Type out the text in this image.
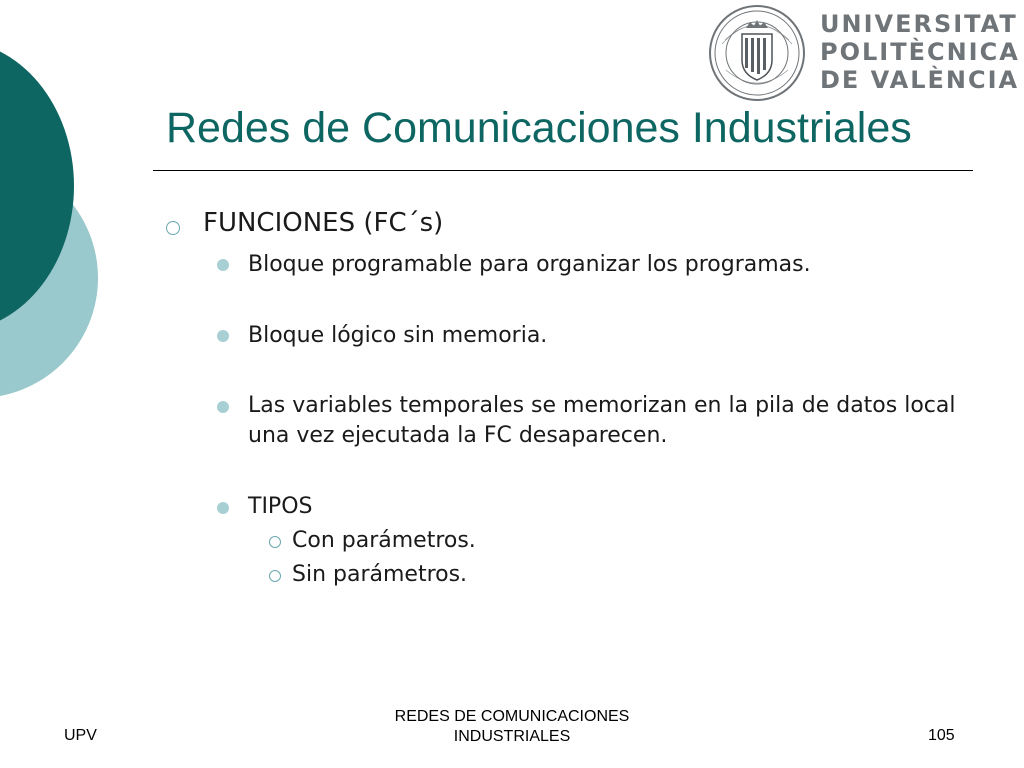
UNIVERSITAT
POLITÈCNICA
DE VALÈNCIA
Redes de Comunicaciones Industriales
FUNCIONES (FC´s)
Bloque programable para organizar los programas.
Bloque lógico sin memoria.
Las variables temporales se memorizan en la pila de datos local una vez ejecutada la FC desaparecen.
TIPOS
Con parámetros.
Sin parámetros.
UPV
REDES DE COMUNICACIONES
INDUSTRIALES	105
